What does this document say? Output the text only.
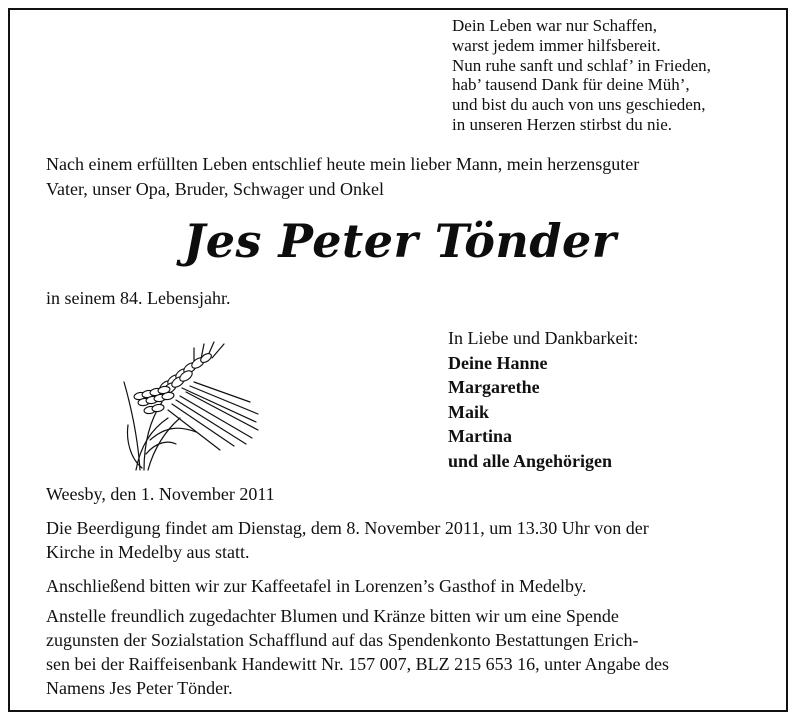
Dein Leben war nur Schaffen,
warst jedem immer hilfsbereit.
Nun ruhe sanft und schlaf’ in Frieden,
hab’ tausend Dank für deine Müh’,
und bist du auch von uns geschieden,
in unseren Herzen stirbst du nie.
Nach einem erfüllten Leben entschlief heute mein lieber Mann, mein herzensguter
Vater, unser Opa, Bruder, Schwager und Onkel
Jes Peter Tönder
in seinem 84. Lebensjahr.
In Liebe und Dankbarkeit:
Deine Hanne
Margarethe
Maik
Martina
und alle Angehörigen
Weesby, den 1. November 2011
Die Beerdigung findet am Dienstag, dem 8. November 2011, um 13.30 Uhr von der
Kirche in Medelby aus statt.
Anschließend bitten wir zur Kaffeetafel in Lorenzen’s Gasthof in Medelby.
Anstelle freundlich zugedachter Blumen und Kränze bitten wir um eine Spende
zugunsten der Sozialstation Schafflund auf das Spendenkonto Bestattungen Erich-
sen bei der Raiffeisenbank Handewitt Nr. 157 007, BLZ 215 653 16, unter Angabe des
Namens Jes Peter Tönder.
